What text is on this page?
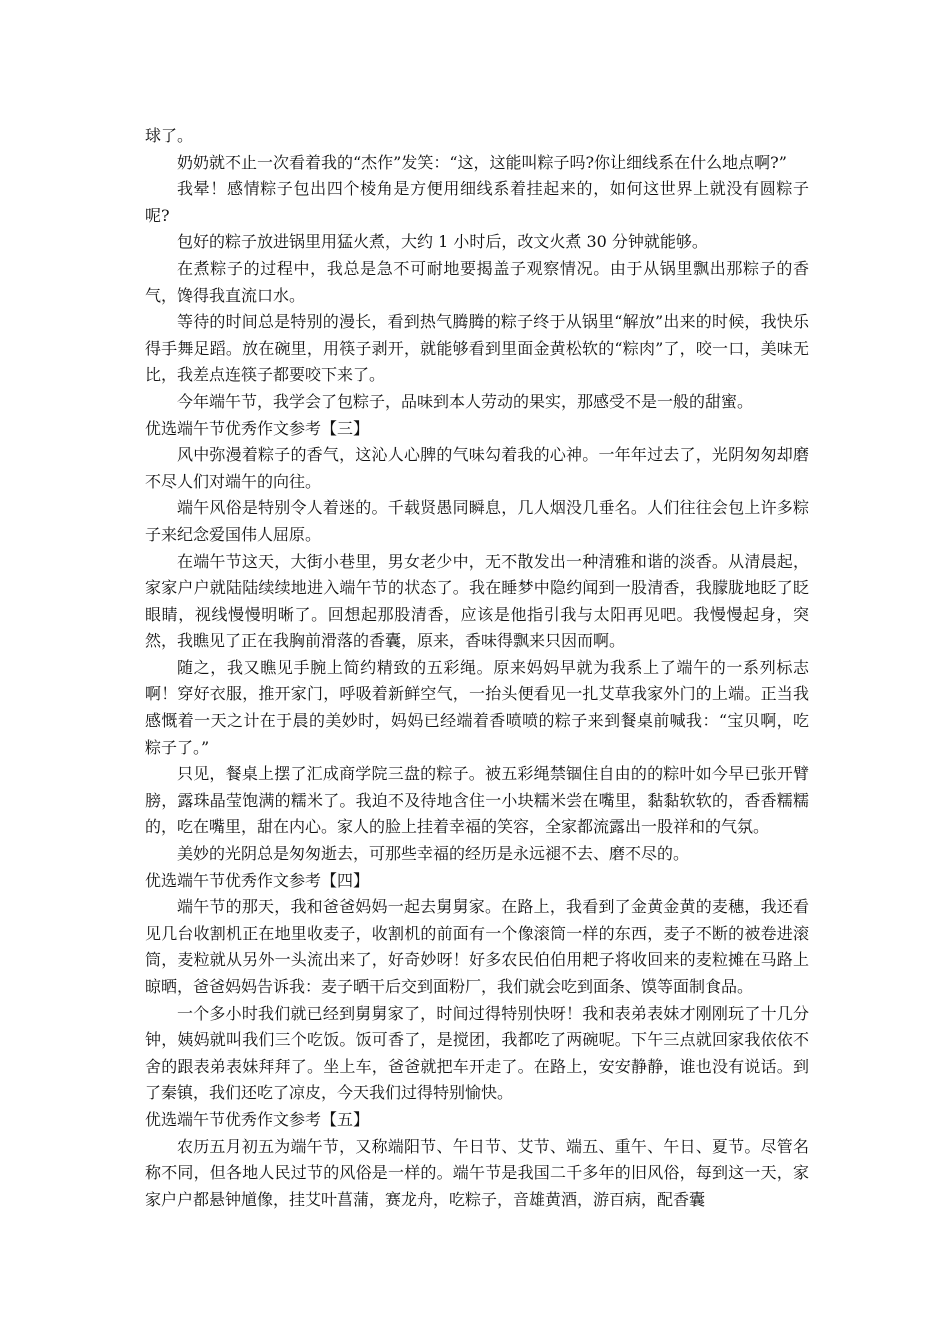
球了。

奶奶就不止一次看着我的“杰作”发笑：“这，这能叫粽子吗?你让细线系在什么地点啊?”

我晕！感情粽子包出四个棱角是方便用细线系着挂起来的，如何这世界上就没有圆粽子呢?

包好的粽子放进锅里用猛火煮，大约 1 小时后，改文火煮 30 分钟就能够。

在煮粽子的过程中，我总是急不可耐地要揭盖子观察情况。由于从锅里飘出那粽子的香气，馋得我直流口水。

等待的时间总是特别的漫长，看到热气腾腾的粽子终于从锅里“解放”出来的时候，我快乐得手舞足蹈。放在碗里，用筷子剥开，就能够看到里面金黄松软的“粽肉”了，咬一口，美味无比，我差点连筷子都要咬下来了。

今年端午节，我学会了包粽子，品味到本人劳动的果实，那感受不是一般的甜蜜。

优选端午节优秀作文参考【三】

风中弥漫着粽子的香气，这沁人心脾的气味勾着我的心神。一年年过去了，光阴匆匆却磨不尽人们对端午的向往。

端午风俗是特别令人着迷的。千载贤愚同瞬息，几人烟没几垂名。人们往往会包上许多粽子来纪念爱国伟人屈原。

在端午节这天，大街小巷里，男女老少中，无不散发出一种清雅和谐的淡香。从清晨起，家家户户就陆陆续续地进入端午节的状态了。我在睡梦中隐约闻到一股清香，我朦胧地眨了眨眼睛，视线慢慢明晰了。回想起那股清香，应该是他指引我与太阳再见吧。我慢慢起身，突然，我瞧见了正在我胸前滑落的香囊，原来，香味得飘来只因而啊。

随之，我又瞧见手腕上简约精致的五彩绳。原来妈妈早就为我系上了端午的一系列标志啊！穿好衣服，推开家门，呼吸着新鲜空气，一抬头便看见一扎艾草我家外门的上端。正当我感慨着一天之计在于晨的美妙时，妈妈已经端着香喷喷的粽子来到餐桌前喊我：“宝贝啊，吃粽子了。”

只见，餐桌上摆了汇成商学院三盘的粽子。被五彩绳禁锢住自由的的粽叶如今早已张开臂膀，露珠晶莹饱满的糯米了。我迫不及待地含住一小块糯米尝在嘴里，黏黏软软的，香香糯糯的，吃在嘴里，甜在内心。家人的脸上挂着幸福的笑容，全家都流露出一股祥和的气氛。

美妙的光阴总是匆匆逝去，可那些幸福的经历是永远褪不去、磨不尽的。

优选端午节优秀作文参考【四】

端午节的那天，我和爸爸妈妈一起去舅舅家。在路上，我看到了金黄金黄的麦穗，我还看见几台收割机正在地里收麦子，收割机的前面有一个像滚筒一样的东西，麦子不断的被卷进滚筒，麦粒就从另外一头流出来了，好奇妙呀！好多农民伯伯用耙子将收回来的麦粒摊在马路上晾晒，爸爸妈妈告诉我：麦子晒干后交到面粉厂，我们就会吃到面条、馍等面制食品。

一个多小时我们就已经到舅舅家了，时间过得特别快呀！我和表弟表妹才刚刚玩了十几分钟，姨妈就叫我们三个吃饭。饭可香了，是搅团，我都吃了两碗呢。下午三点就回家我依依不舍的跟表弟表妹拜拜了。坐上车，爸爸就把车开走了。在路上，安安静静，谁也没有说话。到了秦镇，我们还吃了凉皮，今天我们过得特别愉快。

优选端午节优秀作文参考【五】

农历五月初五为端午节，又称端阳节、午日节、艾节、端五、重午、午日、夏节。尽管名称不同，但各地人民过节的风俗是一样的。端午节是我国二千多年的旧风俗，每到这一天，家家户户都悬钟馗像，挂艾叶菖蒲，赛龙舟，吃粽子，音雄黄酒，游百病，配香囊
